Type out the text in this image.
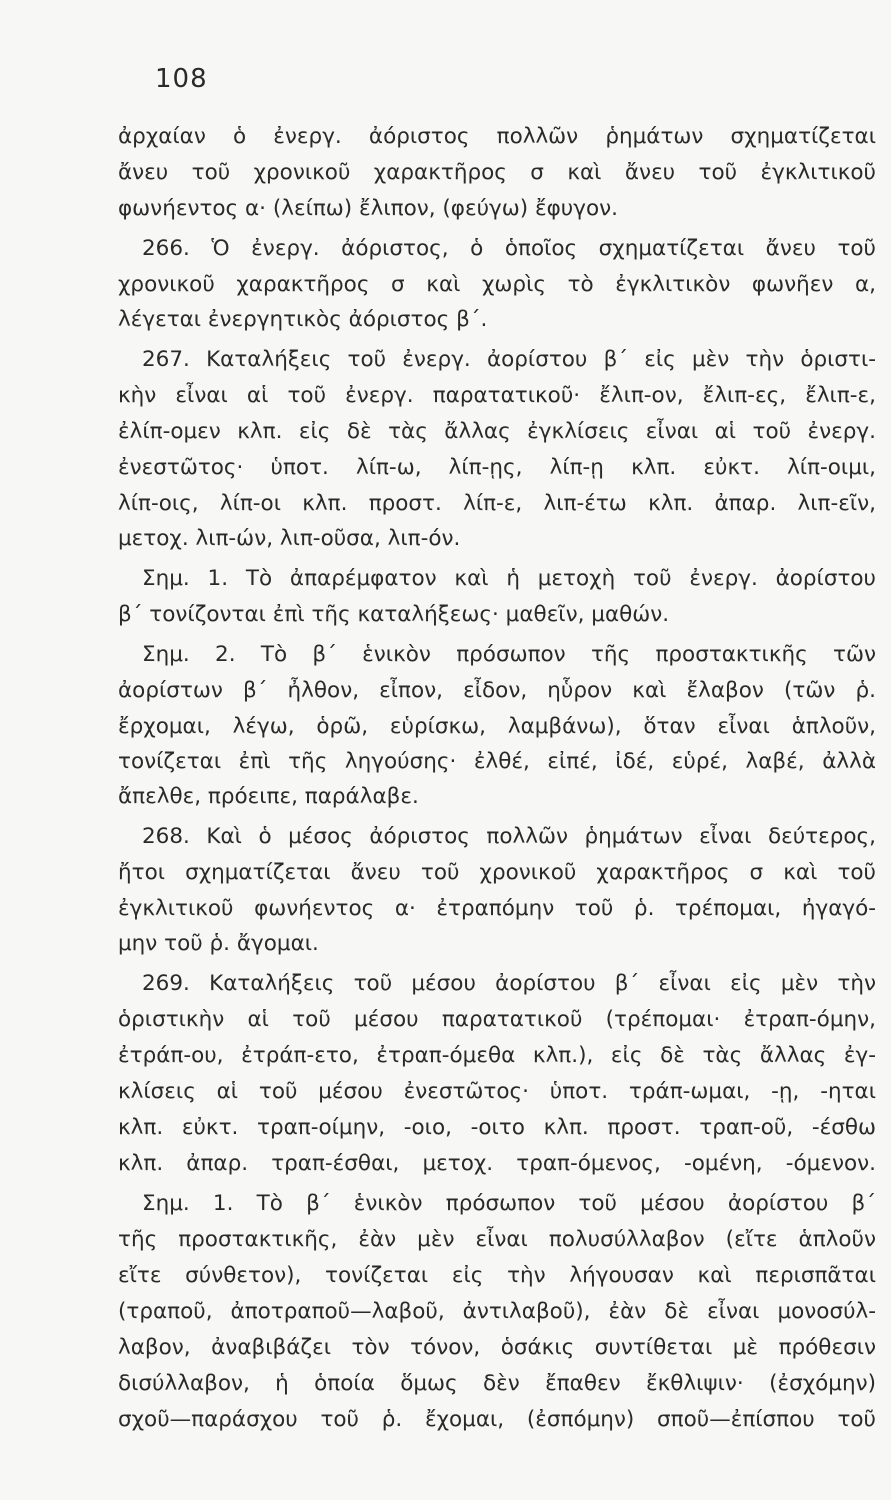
108
ἀρχαίαν ὁ ἐνεργ. ἀόριστος πολλῶν ῥημάτων σχηματίζεται
ἄνευ τοῦ χρονικοῦ χαρακτῆρος σ καὶ ἄνευ τοῦ ἐγκλιτικοῦ
φωνήεντος α· (λείπω) ἔλιπον, (φεύγω) ἔφυγον.
266. Ὁ ἐνεργ. ἀόριστος, ὁ ὁποῖος σχηματίζεται ἄνευ τοῦ
χρονικοῦ χαρακτῆρος σ καὶ χωρὶς τὸ ἐγκλιτικὸν φωνῆεν α,
λέγεται ἐνεργητικὸς ἀόριστος β΄.
267. Καταλήξεις τοῦ ἐνεργ. ἀορίστου β΄ εἰς μὲν τὴν ὁριστι-
κὴν εἶναι αἱ τοῦ ἐνεργ. παρατατικοῦ· ἔλιπ-ον, ἔλιπ-ες, ἔλιπ-ε,
ἐλίπ-ομεν κλπ. εἰς δὲ τὰς ἄλλας ἐγκλίσεις εἶναι αἱ τοῦ ἐνεργ.
ἐνεστῶτος· ὑποτ. λίπ-ω, λίπ-ῃς, λίπ-ῃ κλπ. εὐκτ. λίπ-οιμι,
λίπ-οις, λίπ-οι κλπ. προστ. λίπ-ε, λιπ-έτω κλπ. ἀπαρ. λιπ-εῖν,
μετοχ. λιπ-ών, λιπ-οῦσα, λιπ-όν.
Σημ. 1. Τὸ ἀπαρέμφατον καὶ ἡ μετοχὴ τοῦ ἐνεργ. ἀορίστου
β΄ τονίζονται ἐπὶ τῆς καταλήξεως· μαθεῖν, μαθών.
Σημ. 2. Τὸ β΄ ἑνικὸν πρόσωπον τῆς προστακτικῆς τῶν
ἀορίστων β΄ ἦλθον, εἶπον, εἶδον, ηὗρον καὶ ἔλαβον (τῶν ῥ.
ἔρχομαι, λέγω, ὁρῶ, εὑρίσκω, λαμβάνω), ὅταν εἶναι ἁπλοῦν,
τονίζεται ἐπὶ τῆς ληγούσης· ἐλθέ, εἰπέ, ἰδέ, εὑρέ, λαβέ, ἀλλὰ
ἄπελθε, πρόειπε, παράλαβε.
268. Καὶ ὁ μέσος ἀόριστος πολλῶν ῥημάτων εἶναι δεύτερος,
ἤτοι σχηματίζεται ἄνευ τοῦ χρονικοῦ χαρακτῆρος σ καὶ τοῦ
ἐγκλιτικοῦ φωνήεντος α· ἐτραπόμην τοῦ ῥ. τρέπομαι, ἠγαγό-
μην τοῦ ῥ. ἄγομαι.
269. Καταλήξεις τοῦ μέσου ἀορίστου β΄ εἶναι εἰς μὲν τὴν
ὁριστικὴν αἱ τοῦ μέσου παρατατικοῦ (τρέπομαι· ἐτραπ-όμην,
ἐτράπ-ου, ἐτράπ-ετο, ἐτραπ-όμεθα κλπ.), εἰς δὲ τὰς ἄλλας ἐγ-
κλίσεις αἱ τοῦ μέσου ἐνεστῶτος· ὑποτ. τράπ-ωμαι, -ῃ, -ηται
κλπ. εὐκτ. τραπ-οίμην, -οιο, -οιτο κλπ. προστ. τραπ-οῦ, -έσθω
κλπ. ἀπαρ. τραπ-έσθαι, μετοχ. τραπ-όμενος, -ομένη, -όμενον.
Σημ. 1. Τὸ β΄ ἑνικὸν πρόσωπον τοῦ μέσου ἀορίστου β΄
τῆς προστακτικῆς, ἐὰν μὲν εἶναι πολυσύλλαβον (εἴτε ἁπλοῦν
εἴτε σύνθετον), τονίζεται εἰς τὴν λήγουσαν καὶ περισπᾶται
(τραποῦ, ἀποτραποῦ—λαβοῦ, ἀντιλαβοῦ), ἐὰν δὲ εἶναι μονοσύλ-
λαβον, ἀναβιβάζει τὸν τόνον, ὁσάκις συντίθεται μὲ πρόθεσιν
δισύλλαβον, ἡ ὁποία ὅμως δὲν ἔπαθεν ἔκθλιψιν· (ἐσχόμην)
σχοῦ—παράσχου τοῦ ῥ. ἔχομαι, (ἐσπόμην) σποῦ—ἐπίσπου τοῦ
